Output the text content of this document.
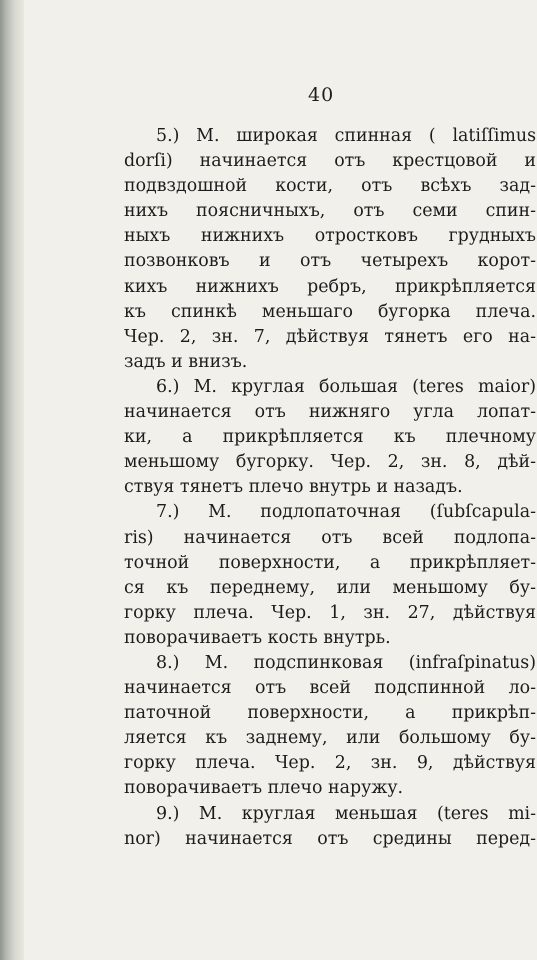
40
5.) М. широкая спинная ( latiſſimus
dorſi) начинается отъ крестцовой и
подвздошной кости, отъ всѣхъ зад-
нихъ поясничныхъ, отъ семи спин-
ныхъ нижнихъ отростковъ грудныхъ
позвонковъ и отъ четырехъ корот-
кихъ нижнихъ ребръ, прикрѣпляется
къ спинкѣ меньшаго бугорка плеча.
Чер. 2, зн. 7, дѣйствуя тянетъ его на-
задъ и внизъ.
6.) М. круглая большая (teres maior)
начинается отъ нижняго угла лопат-
ки, а прикрѣпляется къ плечному
меньшому бугорку. Чер. 2, зн. 8, дѣй-
ствуя тянетъ плечо внутрь и назадъ.
7.) М. подлопаточная (ſubſcapula-
ris) начинается отъ всей подлопа-
точной поверхности, а прикрѣпляет-
ся къ переднему, или меньшому бу-
горку плеча. Чер. 1, зн. 27, дѣйствуя
поворачиваетъ кость внутрь.
8.) М. подспинковая (infraſpinatus)
начинается отъ всей подспинной ло-
паточной поверхности, а прикрѣп-
ляется къ заднему, или большому бу-
горку плеча. Чер. 2, зн. 9, дѣйствуя
поворачиваетъ плечо наружу.
9.) М. круглая меньшая (teres mi-
nor) начинается отъ средины перед-
